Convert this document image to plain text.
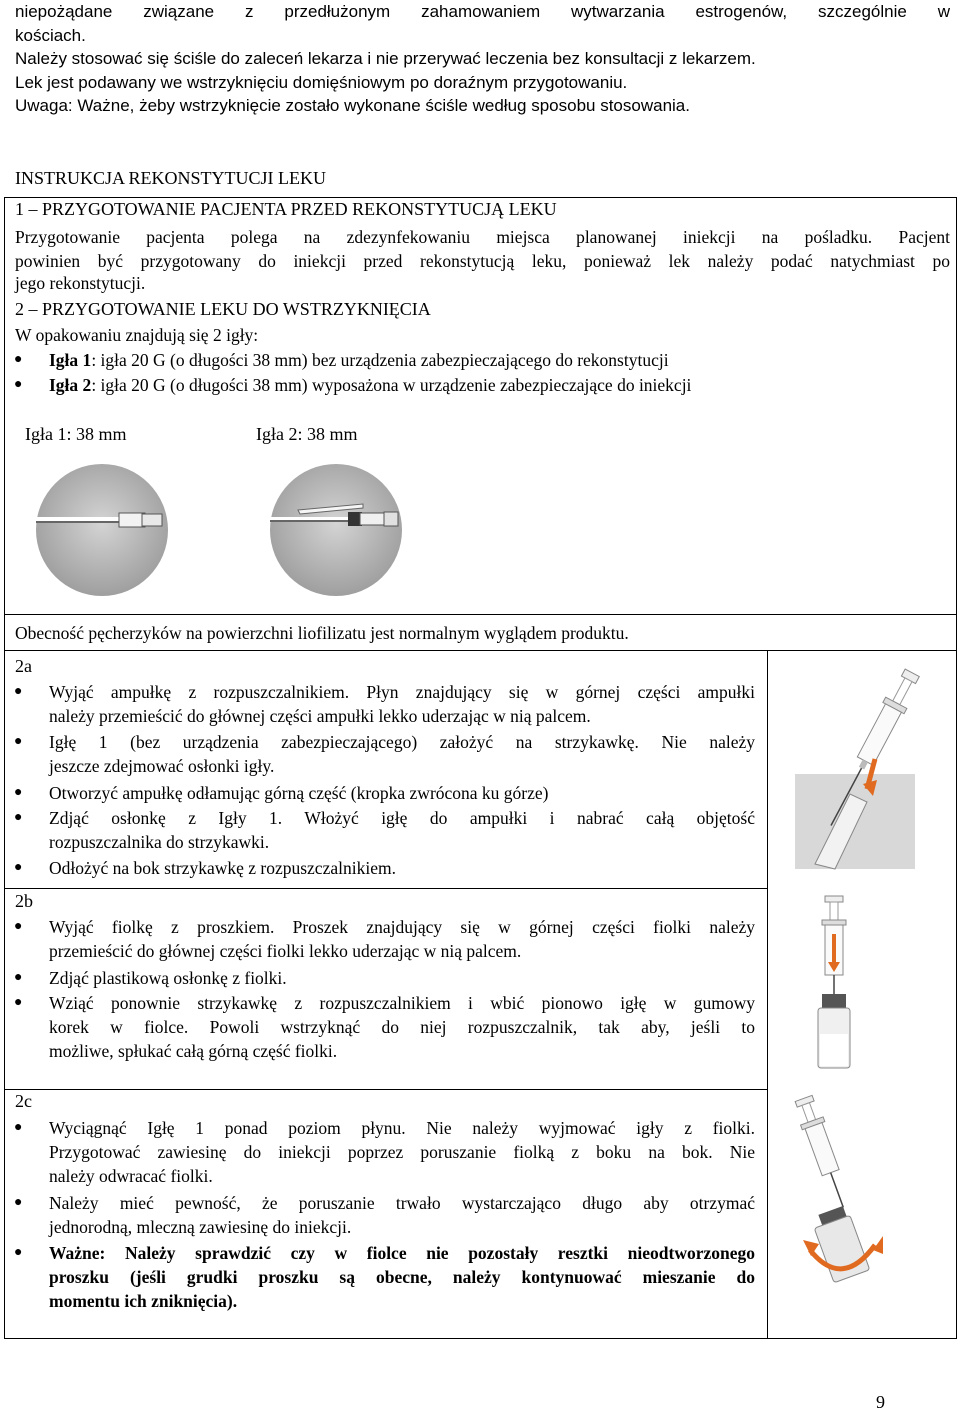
niepożądane związane z przedłużonym zahamowaniem wytwarzania estrogenów, szczególnie w

kościach.

Należy stosować się ściśle do zaleceń lekarza i nie przerywać leczenia bez konsultacji z lekarzem.

Lek jest podawany we wstrzyknięciu domięśniowym po doraźnym przygotowaniu.

Uwaga: Ważne, żeby wstrzyknięcie zostało wykonane ściśle według sposobu stosowania.

INSTRUKCJA REKONSTYTUCJI LEKU
1 – PRZYGOTOWANIE PACJENTA PRZED REKONSTYTUCJĄ LEKU
Przygotowanie pacjenta polega na zdezynfekowaniu miejsca planowanej iniekcji na pośladku. Pacjent
powinien być przygotowany do iniekcji przed rekonstytucją leku, ponieważ lek należy podać natychmiast po
jego rekonstytucji.
2 – PRZYGOTOWANIE LEKU DO WSTRZYKNIĘCIA
W opakowaniu znajdują się 2 igły:
● Igła 1: igła 20 G (o długości 38 mm) bez urządzenia zabezpieczającego do rekonstytucji
● Igła 2: igła 20 G (o długości 38 mm) wyposażona w urządzenie zabezpieczające do iniekcji
Igła 1: 38 mm	Igła 2: 38 mm
Obecność pęcherzyków na powierzchni liofilizatu jest normalnym wyglądem produktu.
2a
● Wyjąć ampułkę z rozpuszczalnikiem. Płyn znajdujący się w górnej części ampułki
należy przemieścić do głównej części ampułki lekko uderzając w nią palcem.
● Igłę 1 (bez urządzenia zabezpieczającego) założyć na strzykawkę. Nie należy
jeszcze zdejmować osłonki igły.
● Otworzyć ampułkę odłamując górną część (kropka zwrócona ku górze)
● Zdjąć osłonkę z Igły 1. Włożyć igłę do ampułki i nabrać całą objętość
rozpuszczalnika do strzykawki.
● Odłożyć na bok strzykawkę z rozpuszczalnikiem.
2b
● Wyjąć fiolkę z proszkiem. Proszek znajdujący się w górnej części fiolki należy
przemieścić do głównej części fiolki lekko uderzając w nią palcem.
● Zdjąć plastikową osłonkę z fiolki.
● Wziąć ponownie strzykawkę z rozpuszczalnikiem i wbić pionowo igłę w gumowy
korek w fiolce. Powoli wstrzyknąć do niej rozpuszczalnik, tak aby, jeśli to
możliwe, spłukać całą górną część fiolki.
2c
● Wyciągnąć Igłę 1 ponad poziom płynu. Nie należy wyjmować igły z fiolki.
Przygotować zawiesinę do iniekcji poprzez poruszanie fiolką z boku na bok. Nie
należy odwracać fiolki.
● Należy mieć pewność, że poruszanie trwało wystarczająco długo aby otrzymać
jednorodną, mleczną zawiesinę do iniekcji.
● Ważne: Należy sprawdzić czy w fiolce nie pozostały resztki nieodtworzonego
proszku (jeśli grudki proszku są obecne, należy kontynuować mieszanie do
momentu ich zniknięcia).
9
